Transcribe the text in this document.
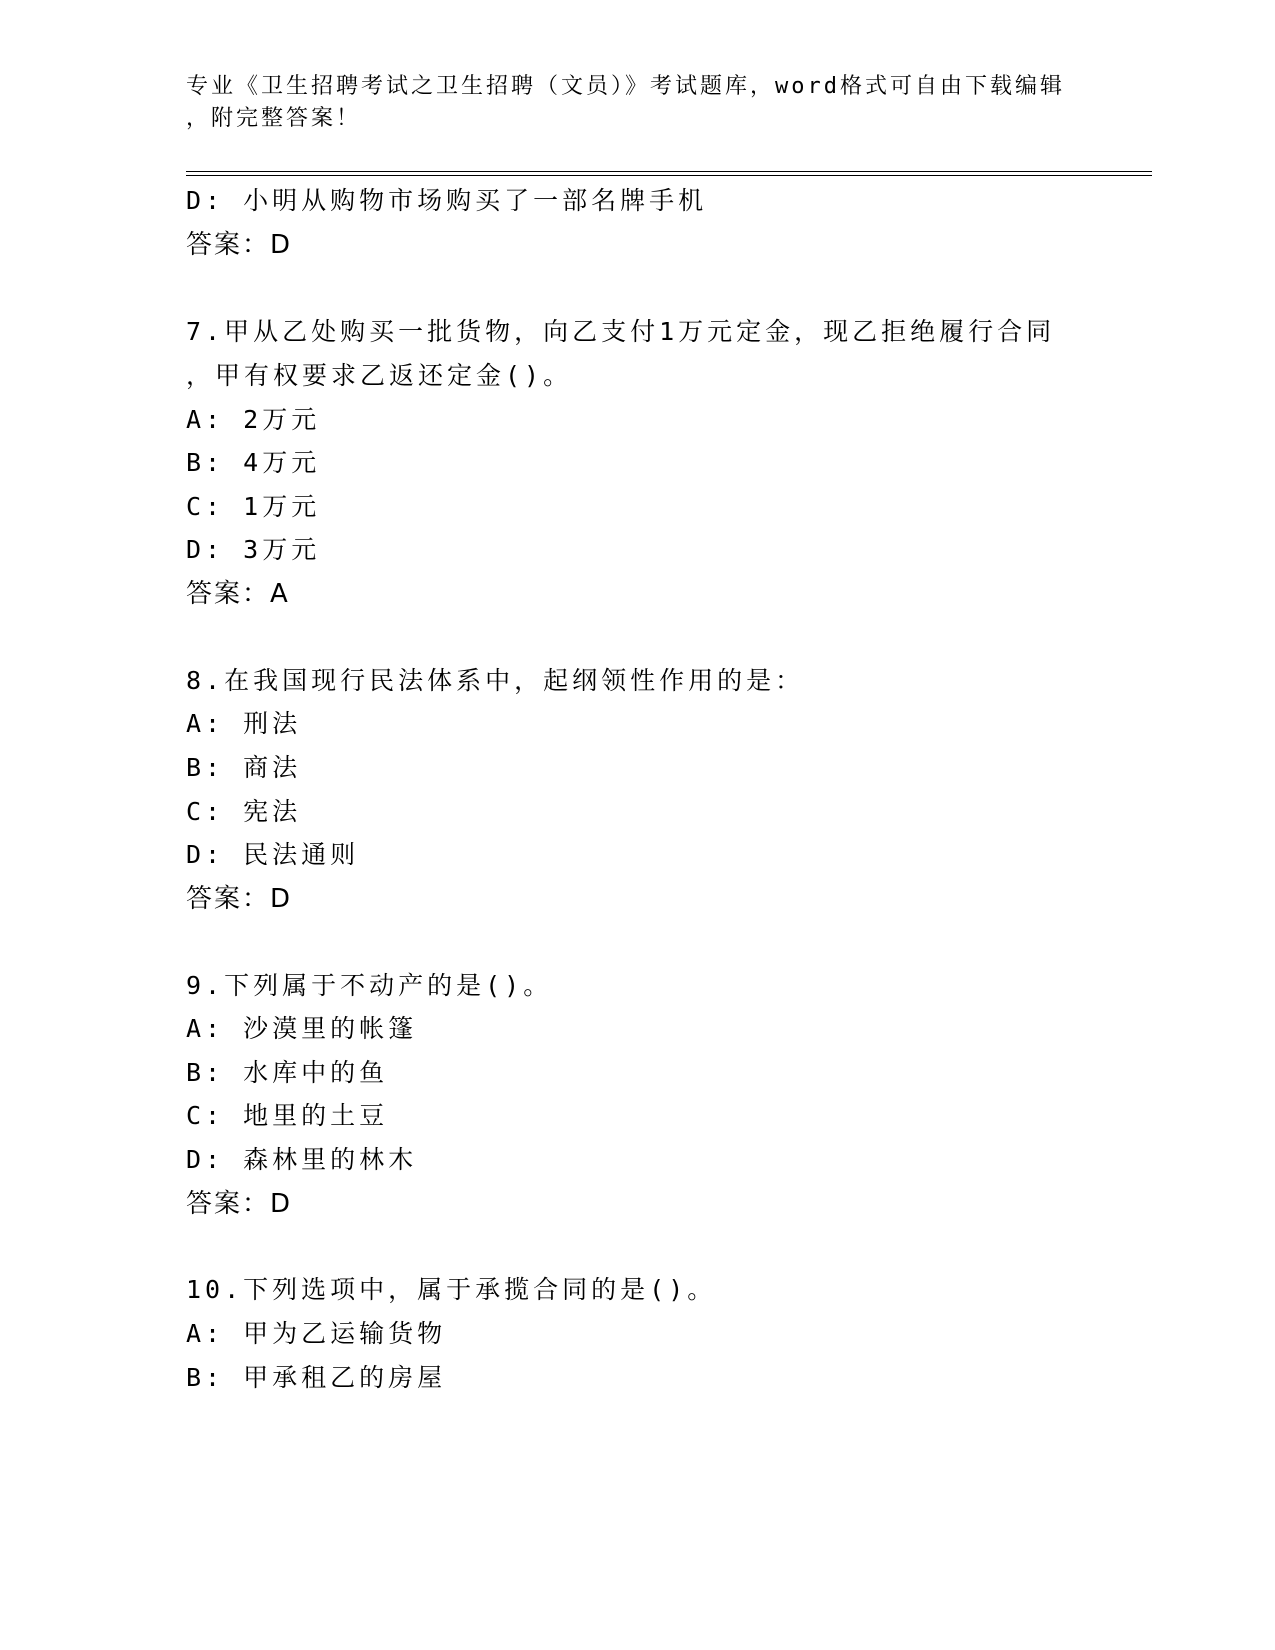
专业《卫生招聘考试之卫生招聘（文员）》考试题库，word格式可自由下载编辑
，附完整答案！
D: 小明从购物市场购买了一部名牌手机
答案：D
7.甲从乙处购买一批货物，向乙支付1万元定金，现乙拒绝履行合同
，甲有权要求乙返还定金()。
A: 2万元
B: 4万元
C: 1万元
D: 3万元
答案：A
8.在我国现行民法体系中，起纲领性作用的是：
A: 刑法
B: 商法
C: 宪法
D: 民法通则
答案：D
9.下列属于不动产的是()。
A: 沙漠里的帐篷
B: 水库中的鱼
C: 地里的土豆
D: 森林里的林木
答案：D
10.下列选项中，属于承揽合同的是()。
A: 甲为乙运输货物
B: 甲承租乙的房屋
